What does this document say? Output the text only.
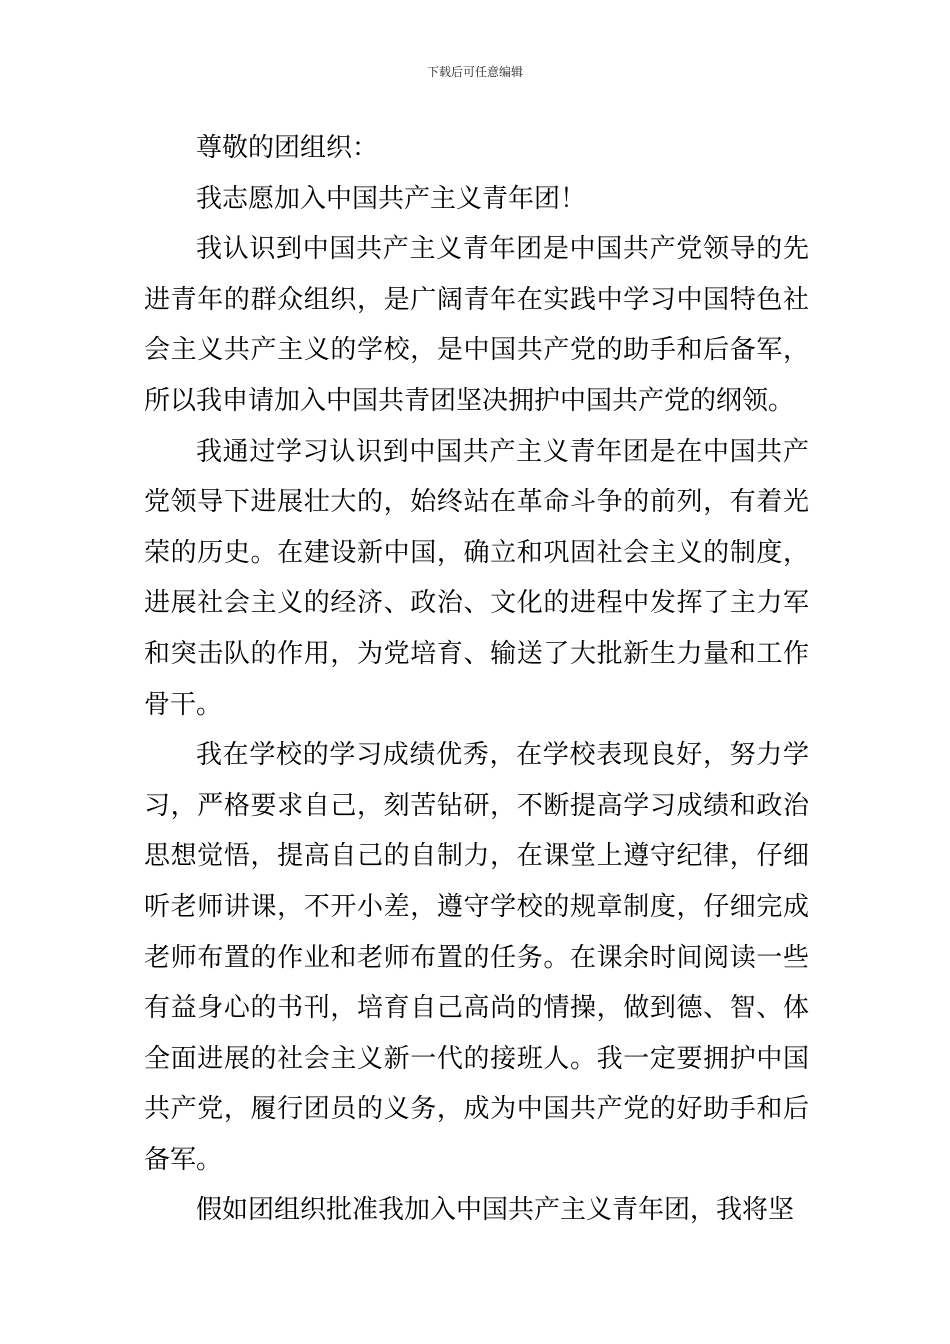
下载后可任意编辑

尊敬的团组织：

我志愿加入中国共产主义青年团！

我认识到中国共产主义青年团是中国共产党领导的先进青年的群众组织，是广阔青年在实践中学习中国特色社会主义共产主义的学校，是中国共产党的助手和后备军，所以我申请加入中国共青团坚决拥护中国共产党的纲领。

我通过学习认识到中国共产主义青年团是在中国共产党领导下进展壮大的，始终站在革命斗争的前列，有着光荣的历史。在建设新中国，确立和巩固社会主义的制度，进展社会主义的经济、政治、文化的进程中发挥了主力军和突击队的作用，为党培育、输送了大批新生力量和工作骨干。

我在学校的学习成绩优秀，在学校表现良好，努力学习，严格要求自己，刻苦钻研，不断提高学习成绩和政治思想觉悟，提高自己的自制力，在课堂上遵守纪律，仔细听老师讲课，不开小差，遵守学校的规章制度，仔细完成老师布置的作业和老师布置的任务。在课余时间阅读一些有益身心的书刊，培育自己高尚的情操，做到德、智、体全面进展的社会主义新一代的接班人。我一定要拥护中国共产党，履行团员的义务，成为中国共产党的好助手和后备军。

假如团组织批准我加入中国共产主义青年团，我将坚
